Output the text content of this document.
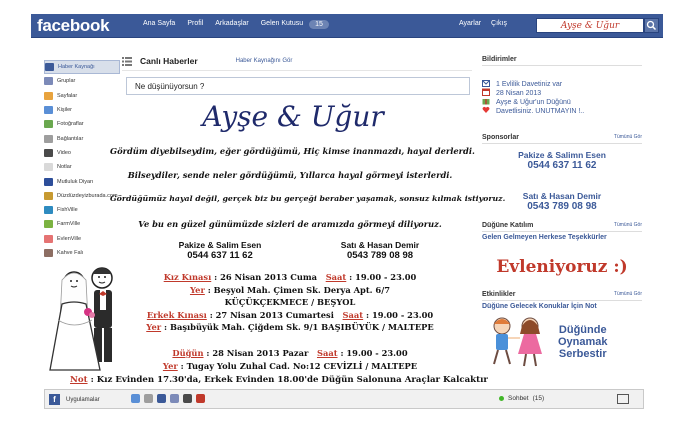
facebook	Ana Sayfa Profil Arkadaşlar Gelen Kutusu	15	Ayarlar Çıkış	Ayşe & Uğur
Haber Kaynağı
Gruplar
Sayfalar
Kişiler
Fotoğraflar
Bağlantılar
Video
Notlar
Mutluluk Diyarı
Düzdüzdeyizburada.com
FishVille
FarmVille
EvlenVille
Kahve Falı
Canlı Haberler	Haber Kaynağını Gör
Ne düşünüyorsun ?
Ayşe & Uğur
Gördüm diyebilseydim, eğer gördüğümü, Hiç kimse inanmazdı, hayal derlerdi.
Bilseydiler, sende neler gördüğümü, Yıllarca hayal görmeyi isterlerdi.
Gördüğümüz hayal değil, gerçek biz bu gerçeği beraber yaşamak, sonsuz kılmak istiyoruz.
Ve bu en güzel günümüzde sizleri de aramızda görmeyi diliyoruz.
Pakize & Salim Esen
0544 637 11 62
Satı & Hasan Demir
0543 789 08 98
Kız Kınası : 26 Nisan 2013 Cuma Saat : 19.00 - 23.00
Yer : Beşyol Mah. Çimen Sk. Derya Apt. 6/7
KÜÇÜKÇEKMECE / BEŞYOL
Erkek Kınası : 27 Nisan 2013 Cumartesi Saat : 19.00 - 23.00
Yer : Başıbüyük Mah. Çiğdem Sk. 9/1 BAŞIBÜYÜK / MALTEPE
Düğün : 28 Nisan 2013 Pazar Saat : 19.00 - 23.00
Yer : Tugay Yolu Zuhal Cad. No:12 CEVİZLİ / MALTEPE
Not : Kız Evinden 17.30'da, Erkek Evinden 18.00'de Düğün Salonuna Araçlar Kalcaktır
Bildirimler
1 Evlilik Davetiniz var
28 Nisan 2013
Ayşe & Uğur'un Düğünü
Davetlisiniz. UNUTMAYIN !..
Sponsorlar	Tümünü Gör
Pakize & Salimn Esen
0544 637 11 62
Satı & Hasan Demir
0543 789 08 98
Düğüne Katılım	Tümünü Gör
Gelen Gelmeyen Herkese Teşekkürler
Evleniyoruz :)
Etkinlikler	Tümünü Gör
Düğüne Gelecek Konuklar İçin Not
Düğünde
Oynamak
Serbestir
f	Uygulamalar	Sohbet (15)
